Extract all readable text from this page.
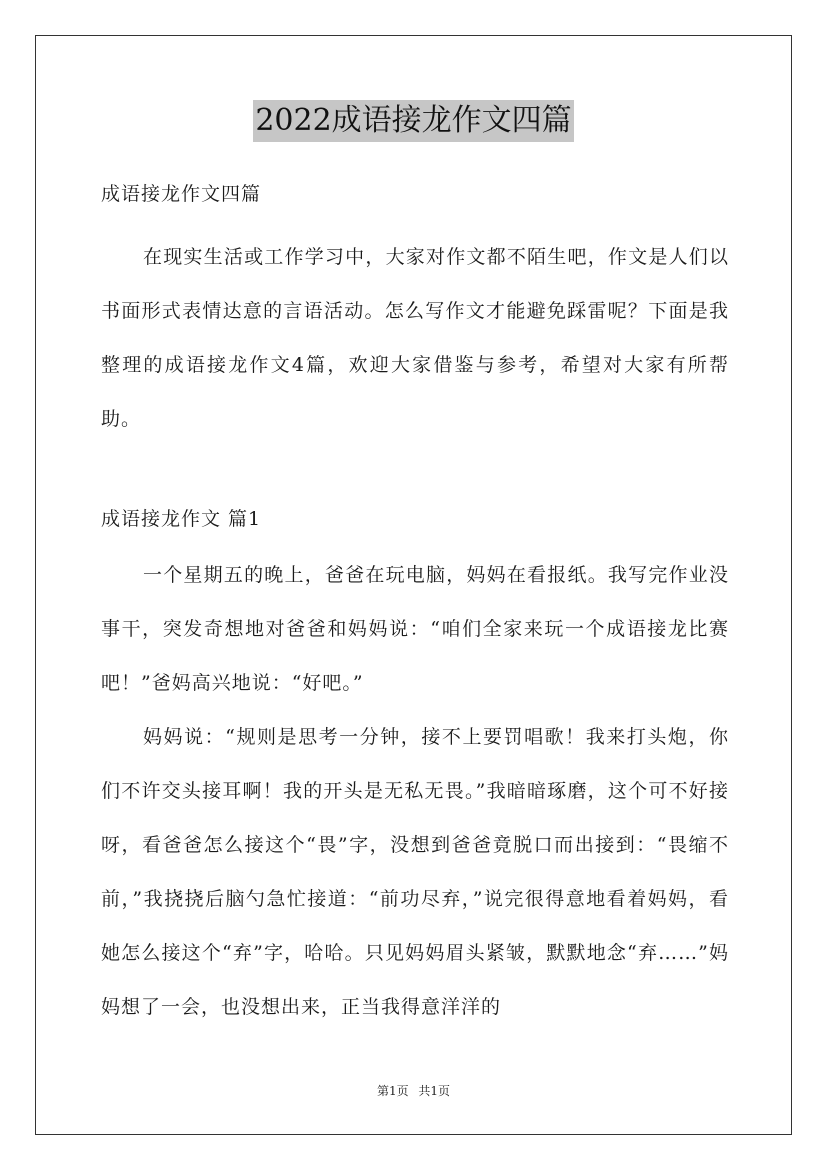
2022成语接龙作文四篇
成语接龙作文四篇

在现实生活或工作学习中，大家对作文都不陌生吧，作文是人们以书面形式表情达意的言语活动。怎么写作文才能避免踩雷呢？下面是我整理的成语接龙作文4篇，欢迎大家借鉴与参考，希望对大家有所帮助。

成语接龙作文 篇1

一个星期五的晚上，爸爸在玩电脑，妈妈在看报纸。我写完作业没事干，突发奇想地对爸爸和妈妈说：“咱们全家来玩一个成语接龙比赛吧！”爸妈高兴地说：“好吧。”

妈妈说：“规则是思考一分钟，接不上要罚唱歌！我来打头炮，你们不许交头接耳啊！我的开头是无私无畏。”我暗暗琢磨，这个可不好接呀，看爸爸怎么接这个“畏”字，没想到爸爸竟脱口而出接到：“畏缩不前，”我挠挠后脑勺急忙接道：“前功尽弃，”说完很得意地看着妈妈，看她怎么接这个“弃”字，哈哈。只见妈妈眉头紧皱，默默地念“弃……”妈妈想了一会，也没想出来，正当我得意洋洋的

第1页 共1页
